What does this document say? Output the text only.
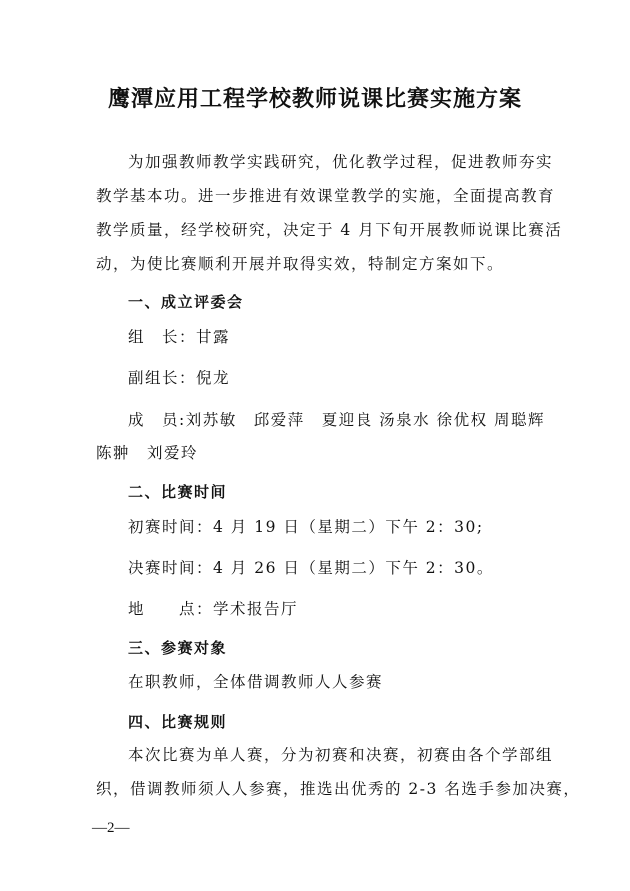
鹰潭应用工程学校教师说课比赛实施方案
为加强教师教学实践研究，优化教学过程，促进教师夯实
教学基本功。进一步推进有效课堂教学的实施，全面提高教育
教学质量，经学校研究，决定于 4 月下旬开展教师说课比赛活
动，为使比赛顺利开展并取得实效，特制定方案如下。
一、成立评委会
组　长：甘露
副组长：倪龙
成　员:刘苏敏　邱爱萍　夏迎良 汤泉水 徐优权 周聪辉
陈翀　刘爱玲
二、比赛时间
初赛时间：4 月 19 日（星期二）下午 2：30;
决赛时间：4 月 26 日（星期二）下午 2：30。
地　　点：学术报告厅
三、参赛对象
在职教师，全体借调教师人人参赛
四、比赛规则
本次比赛为单人赛，分为初赛和决赛，初赛由各个学部组
织，借调教师须人人参赛，推选出优秀的 2-3 名选手参加决赛，
—2—
